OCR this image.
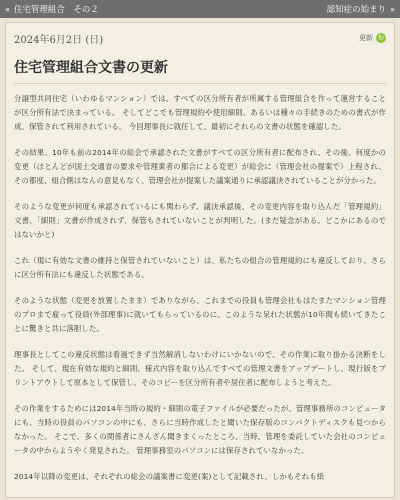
« 住宅管理組合　その２	認知症の始まり »
2024年6月2日 (日)	更新 ↻
住宅管理組合文書の更新

分譲型共同住宅（いわゆるマンション）では、すべての区分所有者が所属する管理組合を作って運営することが区分所有法で決まっている。 そしてどこでも管理規約や使用細則、あるいは種々の手続きのための書式が作成、保管されて利用されている。 今回理事長に就任して、最初にそれらの文書の状態を確認した。

その結果、10年も前の2014年の総会で承認された文書がすべての区分所有者に配布され、その後、何度かの変更（ほとんどが国土交通省の要求や管理業者の都合による変更）が総会に（管理会社の提案で）上程され、その都度、組合側はなんの意見もなく、管理会社が提案した議案通りに承認議決されていることが分かった。

そのような変更が何度も承認されているにも関わらず、議決承認後、その変更内容を取り込んだ「管理規約」文書、「細則」文書が作成されず、保管もされていないことが判明した。(まだ疑念がある。どこかにあるのではないかと)

これ（現に有効な文書の維持と保管されていないこと）は、私たちの組合の管理規約にも違反しており、さらに区分所有法にも違反した状態である。

そのような状態（変更を放置したまま）でありながら、これまでの役員も管理会社もはたまたマンション管理のプロまで雇って役員(外部理事)に就いてもらっているのに、このような呆れた状態が10年間も続いてきたことに驚きと共に落胆した。

理事長としてこの違反状態は看過できず当然解消しないわけにいかないので、その作業に取り掛かる決断をした。 そして、現在有効な規約と細則、様式内容を取り込んですべての管理文書をアップデートし、現行版をプリントアウトして原本として保管し、そのコピーを区分所有者や居住者に配布しようと考えた。

その作業をするためには2014年当時の規約・細則の電子ファイルが必要だったが、管理事務所のコンピュータにも、当時の役員のパソコンの中にも、さらに当時作成したと聞いた保存版のコンパクトディスクも見つからなかった。 そこで、多くの関係者にさんざん聞きまくったところ、当時、管理を委託していた会社のコンピュータの中からようやく発見された。 管理事務室のパソコンには保存されていなかった。

2014年以降の変更は、それぞれの総会の議案書に変更(案)として記載され、しかもそれも紙
